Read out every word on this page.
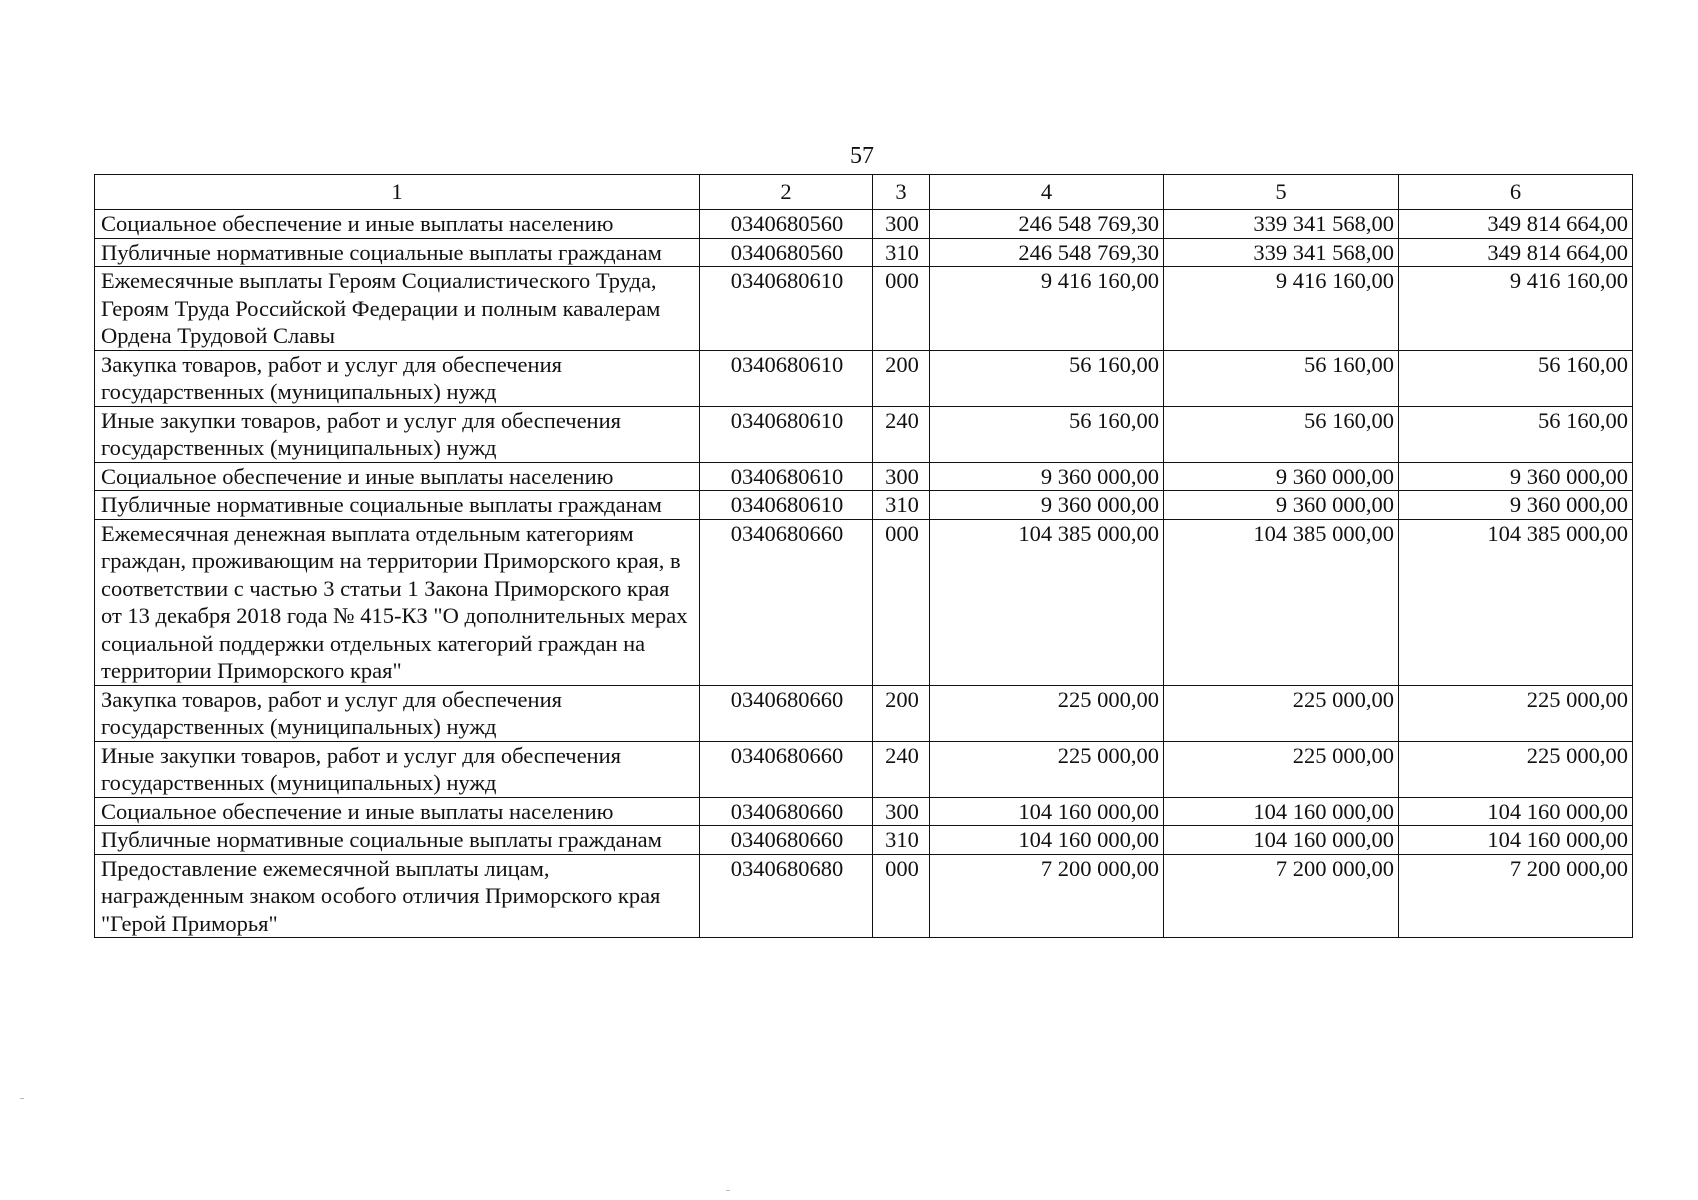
57
1	2	3	4	5	6
Социальное обеспечение и иные выплаты населению	0340680560	300	246 548 769,30	339 341 568,00	349 814 664,00
Публичные нормативные социальные выплаты гражданам	0340680560	310	246 548 769,30	339 341 568,00	349 814 664,00
Ежемесячные выплаты Героям Социалистического Труда, Героям Труда Российской Федерации и полным кавалерам Ордена Трудовой Славы	0340680610	000	9 416 160,00	9 416 160,00	9 416 160,00
Закупка товаров, работ и услуг для обеспечения государственных (муниципальных) нужд	0340680610	200	56 160,00	56 160,00	56 160,00
Иные закупки товаров, работ и услуг для обеспечения государственных (муниципальных) нужд	0340680610	240	56 160,00	56 160,00	56 160,00
Социальное обеспечение и иные выплаты населению	0340680610	300	9 360 000,00	9 360 000,00	9 360 000,00
Публичные нормативные социальные выплаты гражданам	0340680610	310	9 360 000,00	9 360 000,00	9 360 000,00
Ежемесячная денежная выплата отдельным категориям граждан, проживающим на территории Приморского края, в соответствии с частью 3 статьи 1 Закона Приморского края от 13 декабря 2018 года № 415-КЗ "О дополнительных мерах социальной поддержки отдельных категорий граждан на территории Приморского края"	0340680660	000	104 385 000,00	104 385 000,00	104 385 000,00
Закупка товаров, работ и услуг для обеспечения государственных (муниципальных) нужд	0340680660	200	225 000,00	225 000,00	225 000,00
Иные закупки товаров, работ и услуг для обеспечения государственных (муниципальных) нужд	0340680660	240	225 000,00	225 000,00	225 000,00
Социальное обеспечение и иные выплаты населению	0340680660	300	104 160 000,00	104 160 000,00	104 160 000,00
Публичные нормативные социальные выплаты гражданам	0340680660	310	104 160 000,00	104 160 000,00	104 160 000,00
Предоставление ежемесячной выплаты лицам, награжденным знаком особого отличия Приморского края "Герой Приморья"	0340680680	000	7 200 000,00	7 200 000,00	7 200 000,00
